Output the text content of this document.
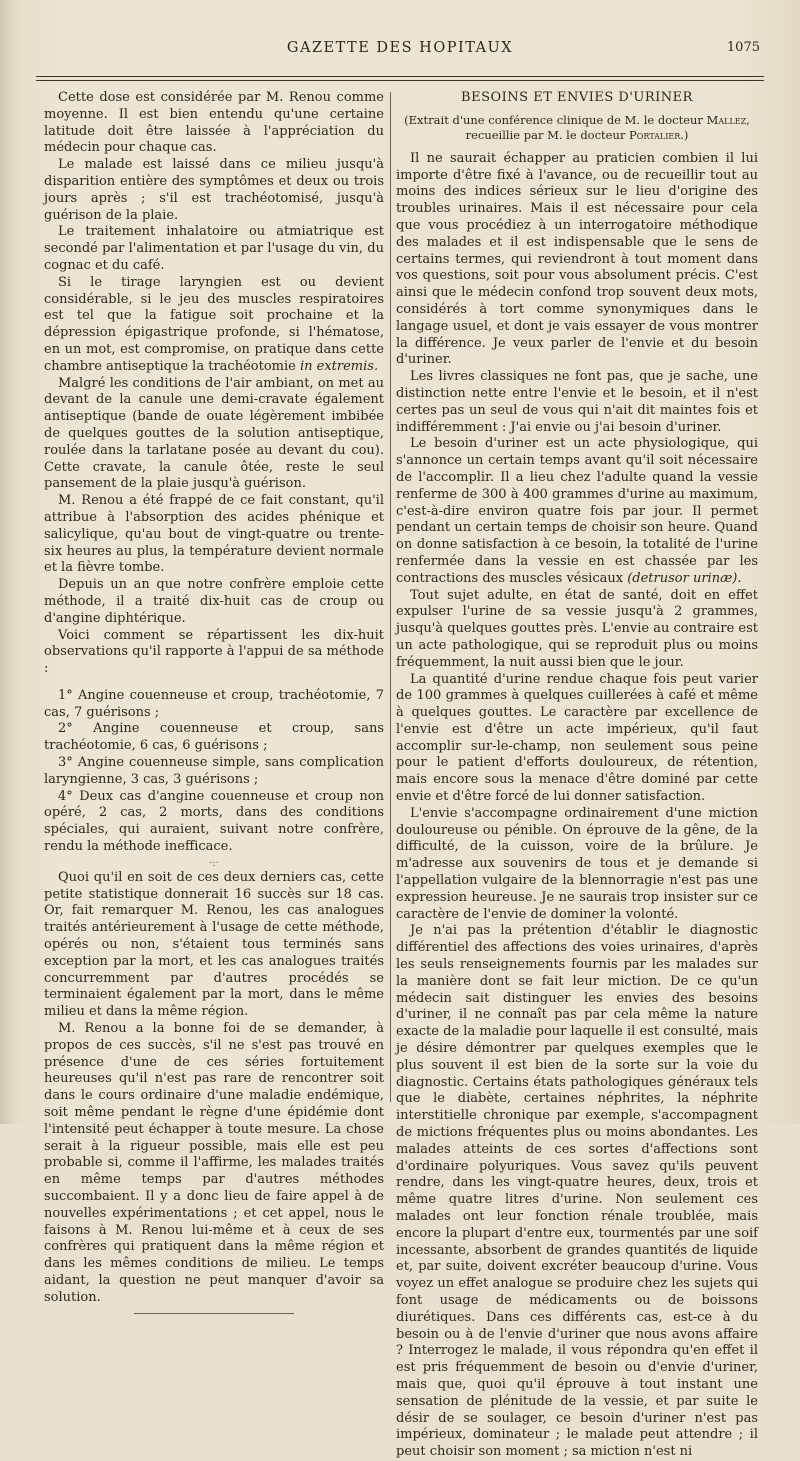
GAZETTE DES HOPITAUX	1075

Cette dose est considérée par M. Renou comme moyenne. Il est bien entendu qu'une certaine latitude doit être laissée à l'appréciation du médecin pour chaque cas.

Le malade est laissé dans ce milieu jusqu'à disparition entière des symptômes et deux ou trois jours après ; s'il est trachéotomisé, jusqu'à guérison de la plaie.

Le traitement inhalatoire ou atmiatrique est secondé par l'alimentation et par l'usage du vin, du cognac et du café.

Si le tirage laryngien est ou devient considérable, si le jeu des muscles respiratoires est tel que la fatigue soit prochaine et la dépression épigastrique profonde, si l'hématose, en un mot, est compromise, on pratique dans cette chambre antiseptique la trachéotomie in extremis.

Malgré les conditions de l'air ambiant, on met au devant de la canule une demi-cravate également antiseptique (bande de ouate légèrement imbibée de quelques gouttes de la solution antiseptique, roulée dans la tarlatane posée au devant du cou). Cette cravate, la canule ôtée, reste le seul pansement de la plaie jusqu'à guérison.

M. Renou a été frappé de ce fait constant, qu'il attribue à l'absorption des acides phénique et salicylique, qu'au bout de vingt-quatre ou trente-six heures au plus, la température devient normale et la fièvre tombe.

Depuis un an que notre confrère emploie cette méthode, il a traité dix-huit cas de croup ou d'angine diphtérique.

Voici comment se répartissent les dix-huit observations qu'il rapporte à l'appui de sa méthode :

1° Angine couenneuse et croup, trachéotomie, 7 cas, 7 guérisons ;

2° Angine couenneuse et croup, sans trachéotomie, 6 cas, 6 guérisons ;

3° Angine couenneuse simple, sans complication laryngienne, 3 cas, 3 guérisons ;

4° Deux cas d'angine couenneuse et croup non opéré, 2 cas, 2 morts, dans des conditions spéciales, qui auraient, suivant notre confrère, rendu la méthode inefficace.

·:·

Quoi qu'il en soit de ces deux derniers cas, cette petite statistique donnerait 16 succès sur 18 cas. Or, fait remarquer M. Renou, les cas analogues traités antérieurement à l'usage de cette méthode, opérés ou non, s'étaient tous terminés sans exception par la mort, et les cas analogues traités concurremment par d'autres procédés se terminaient également par la mort, dans le même milieu et dans la même région.

M. Renou a la bonne foi de se demander, à propos de ces succès, s'il ne s'est pas trouvé en présence d'une de ces séries fortuitement heureuses qu'il n'est pas rare de rencontrer soit dans le cours ordinaire d'une maladie endémique, soit même pendant le règne d'une épidémie dont l'intensité peut échapper à toute mesure. La chose serait à la rigueur possible, mais elle est peu probable si, comme il l'affirme, les malades traités en même temps par d'autres méthodes succombaient. Il y a donc lieu de faire appel à de nouvelles expérimentations ; et cet appel, nous le faisons à M. Renou lui-même et à ceux de ses confrères qui pratiquent dans la même région et dans les mêmes conditions de milieu. Le temps aidant, la question ne peut manquer d'avoir sa solution.

BESOINS ET ENVIES D'URINER

(Extrait d'une conférence clinique de M. le docteur Mallez,
recueillie par M. le docteur Portalier.)

Il ne saurait échapper au praticien combien il lui importe d'être fixé à l'avance, ou de recueillir tout au moins des indices sérieux sur le lieu d'origine des troubles urinaires. Mais il est nécessaire pour cela que vous procédiez à un interrogatoire méthodique des malades et il est indispensable que le sens de certains termes, qui reviendront à tout moment dans vos questions, soit pour vous absolument précis. C'est ainsi que le médecin confond trop souvent deux mots, considérés à tort comme synonymiques dans le langage usuel, et dont je vais essayer de vous montrer la différence. Je veux parler de l'envie et du besoin d'uriner.

Les livres classiques ne font pas, que je sache, une distinction nette entre l'envie et le besoin, et il n'est certes pas un seul de vous qui n'ait dit maintes fois et indifféremment : J'ai envie ou j'ai besoin d'uriner.

Le besoin d'uriner est un acte physiologique, qui s'annonce un certain temps avant qu'il soit nécessaire de l'accomplir. Il a lieu chez l'adulte quand la vessie renferme de 300 à 400 grammes d'urine au maximum, c'est-à-dire environ quatre fois par jour. Il permet pendant un certain temps de choisir son heure. Quand on donne satisfaction à ce besoin, la totalité de l'urine renfermée dans la vessie en est chassée par les contractions des muscles vésicaux (detrusor urinæ).

Tout sujet adulte, en état de santé, doit en effet expulser l'urine de sa vessie jusqu'à 2 grammes, jusqu'à quelques gouttes près. L'envie au contraire est un acte pathologique, qui se reproduit plus ou moins fréquemment, la nuit aussi bien que le jour.

La quantité d'urine rendue chaque fois peut varier de 100 grammes à quelques cuillerées à café et même à quelques gouttes. Le caractère par excellence de l'envie est d'être un acte impérieux, qu'il faut accomplir sur-le-champ, non seulement sous peine pour le patient d'efforts douloureux, de rétention, mais encore sous la menace d'être dominé par cette envie et d'être forcé de lui donner satisfaction.

L'envie s'accompagne ordinairement d'une miction douloureuse ou pénible. On éprouve de la gêne, de la difficulté, de la cuisson, voire de la brûlure. Je m'adresse aux souvenirs de tous et je demande si l'appellation vulgaire de la blennorragie n'est pas une expression heureuse. Je ne saurais trop insister sur ce caractère de l'envie de dominer la volonté.

Je n'ai pas la prétention d'établir le diagnostic différentiel des affections des voies urinaires, d'après les seuls renseignements fournis par les malades sur la manière dont se fait leur miction. De ce qu'un médecin sait distinguer les envies des besoins d'uriner, il ne connaît pas par cela même la nature exacte de la maladie pour laquelle il est consulté, mais je désire démontrer par quelques exemples que le plus souvent il est bien de la sorte sur la voie du diagnostic. Certains états pathologiques généraux tels que le diabète, certaines néphrites, la néphrite interstitielle chronique par exemple, s'accompagnent de mictions fréquentes plus ou moins abondantes. Les malades atteints de ces sortes d'affections sont d'ordinaire polyuriques. Vous savez qu'ils peuvent rendre, dans les vingt-quatre heures, deux, trois et même quatre litres d'urine. Non seulement ces malades ont leur fonction rénale troublée, mais encore la plupart d'entre eux, tourmentés par une soif incessante, absorbent de grandes quantités de liquide et, par suite, doivent excréter beaucoup d'urine. Vous voyez un effet analogue se produire chez les sujets qui font usage de médicaments ou de boissons diurétiques. Dans ces différents cas, est-ce à du besoin ou à de l'envie d'uriner que nous avons affaire ? Interrogez le malade, il vous répondra qu'en effet il est pris fréquemment de besoin ou d'envie d'uriner, mais que, quoi qu'il éprouve à tout instant une sensation de plénitude de la vessie, et par suite le désir de se soulager, ce besoin d'uriner n'est pas impérieux, dominateur ; le malade peut attendre ; il peut choisir son moment ; sa miction n'est ni
